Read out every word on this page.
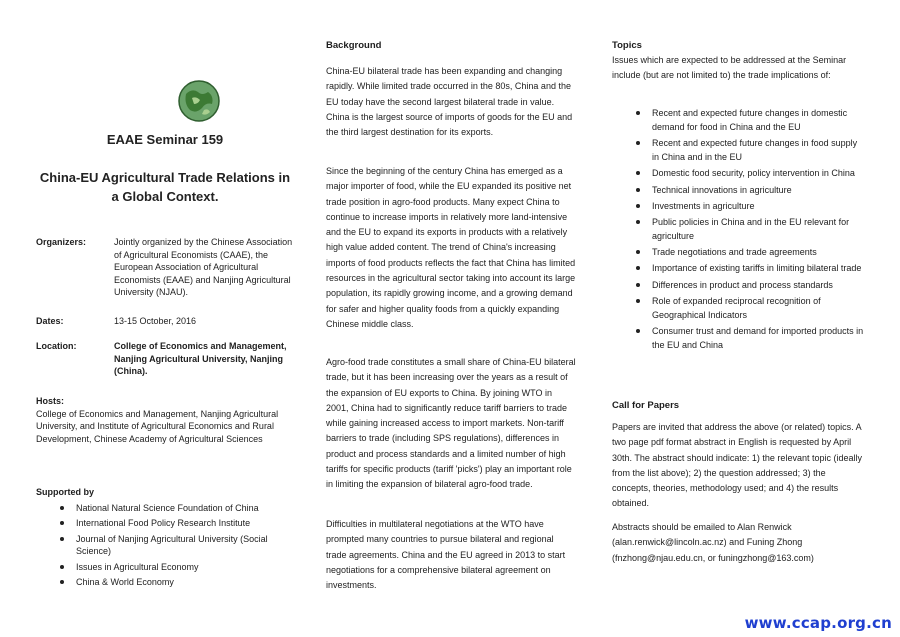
EAAE Seminar 159
China-EU Agricultural Trade Relations in a Global Context.
Organizers:	Jointly organized by the Chinese Association of Agricultural Economists (CAAE), the European Association of Agricultural Economists (EAAE) and Nanjing Agricultural University (NJAU).
Dates:	13-15 October, 2016
Location:	College of Economics and Management, Nanjing Agricultural University, Nanjing (China).
Hosts:
College of Economics and Management, Nanjing Agricultural University, and Institute of Agricultural Economics and Rural Development, Chinese Academy of Agricultural Sciences
Supported by
National Natural Science Foundation of China
International Food Policy Research Institute
Journal of Nanjing Agricultural University (Social Science)
Issues in Agricultural Economy
China & World Economy
Background
China-EU bilateral trade has been expanding and changing rapidly. While limited trade occurred in the 80s, China and the EU today have the second largest bilateral trade in value. China is the largest source of imports of goods for the EU and the third largest destination for its exports.
Since the beginning of the century China has emerged as a major importer of food, while the EU expanded its positive net trade position in agro-food products. Many expect China to continue to increase imports in relatively more land-intensive and the EU to expand its exports in products with a relatively high value added content. The trend of China's increasing imports of food products reflects the fact that China has limited resources in the agricultural sector taking into account its large population, its rapidly growing income, and a growing demand for safer and higher quality foods from a quickly expanding Chinese middle class.
Agro-food trade constitutes a small share of China-EU bilateral trade, but it has been increasing over the years as a result of the expansion of EU exports to China. By joining WTO in 2001, China had to significantly reduce tariff barriers to trade while gaining increased access to import markets. Non-tariff barriers to trade (including SPS regulations), differences in product and process standards and a limited number of high tariffs for specific products (tariff 'picks') play an important role in limiting the expansion of bilateral agro-food trade.
Difficulties in multilateral negotiations at the WTO have prompted many countries to pursue bilateral and regional trade agreements. China and the EU agreed in 2013 to start negotiations for a comprehensive bilateral agreement on investments.
Topics
Issues which are expected to be addressed at the Seminar include (but are not limited to) the trade implications of:
Recent and expected future changes in domestic demand for food in China and the EU
Recent and expected future changes in food supply in China and in the EU
Domestic food security, policy intervention in China
Technical innovations in agriculture
Investments in agriculture
Public policies in China and in the EU relevant for agriculture
Trade negotiations and trade agreements
Importance of existing tariffs in limiting bilateral trade
Differences in product and process standards
Role of expanded reciprocal recognition of Geographical Indicators
Consumer trust and demand for imported products in the EU and China
Call for Papers
Papers are invited that address the above (or related) topics. A two page pdf format abstract in English is requested by April 30th. The abstract should indicate: 1) the relevant topic (ideally from the list above); 2) the question addressed; 3) the concepts, theories, methodology used; and 4) the results obtained.
Abstracts should be emailed to Alan Renwick (alan.renwick@lincoln.ac.nz) and Funing Zhong (fnzhong@njau.edu.cn, or funingzhong@163.com)
www.ccap.org.cn
